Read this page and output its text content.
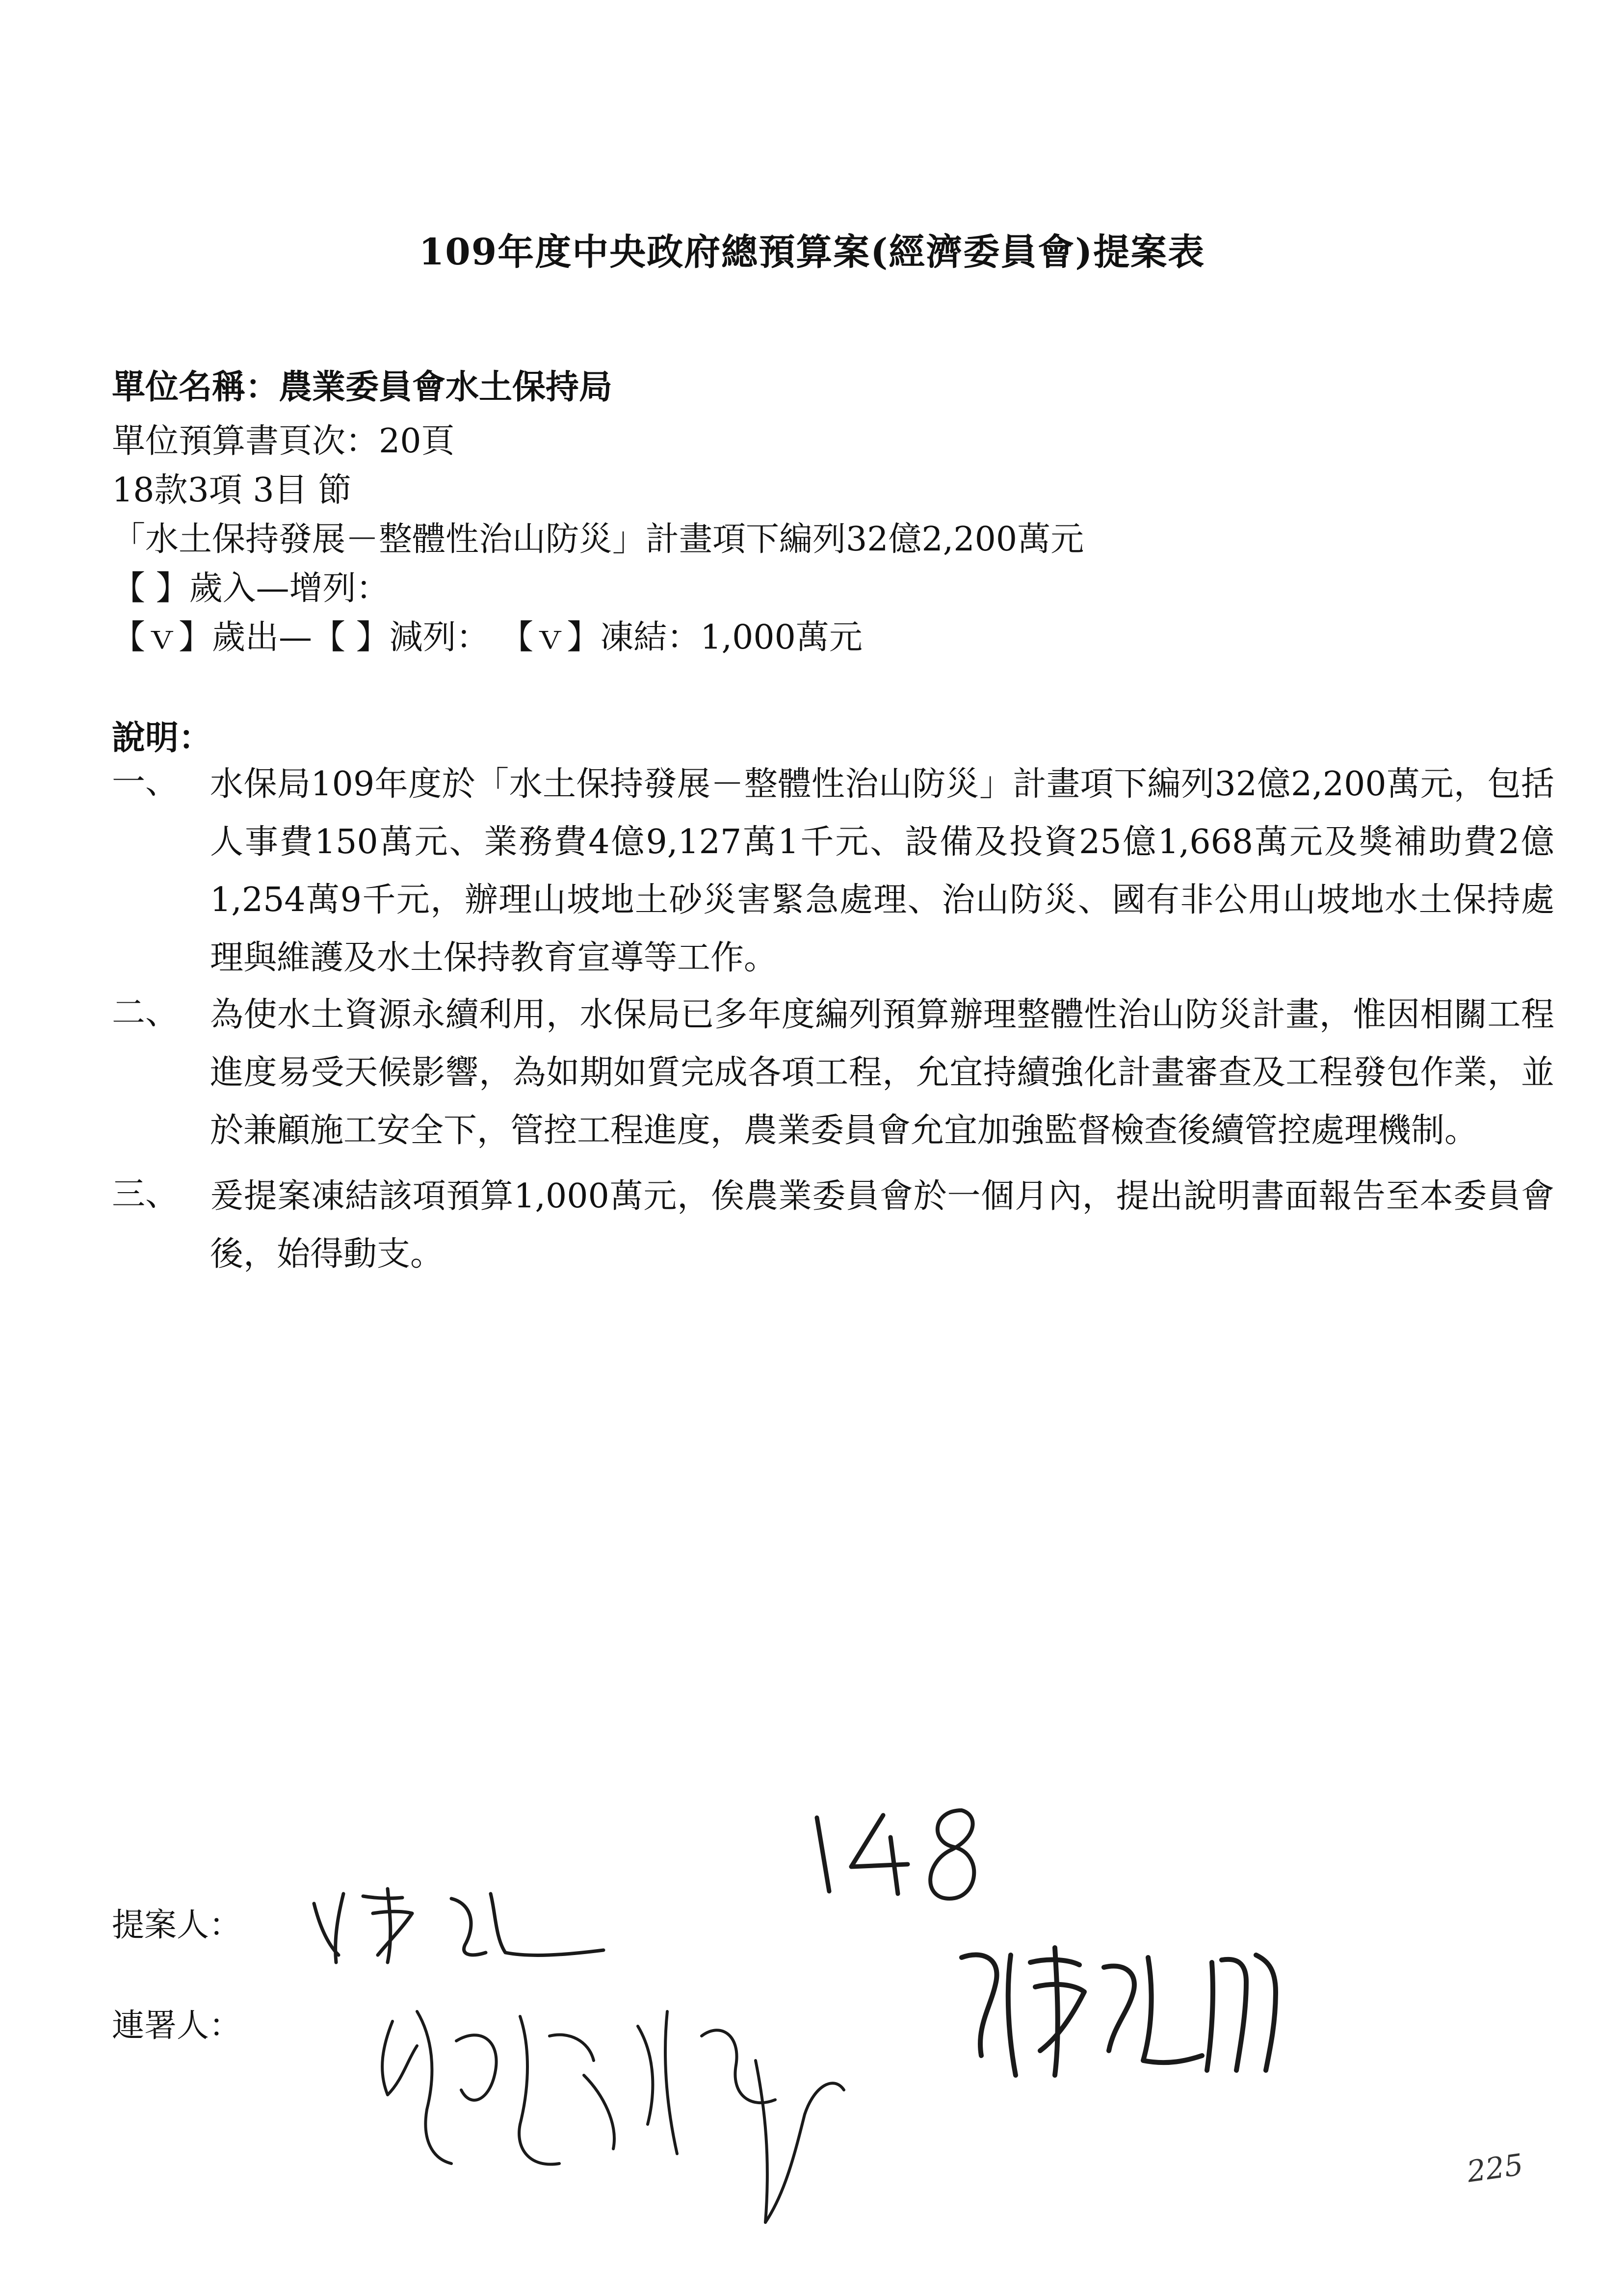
109年度中央政府總預算案(經濟委員會)提案表
單位名稱：農業委員會水土保持局
單位預算書頁次：20頁
18款3項 3目 節
「水土保持發展－整體性治山防災」計畫項下編列32億2,200萬元
【 】歲入—增列：
【ｖ】歲出—【 】減列： 【ｖ】凍結：1,000萬元
說明：
一、 水保局109年度於「水土保持發展－整體性治山防災」計畫項下編列32億2,200萬元，包括人事費150萬元、業務費4億9,127萬1千元、設備及投資25億1,668萬元及獎補助費2億1,254萬9千元，辦理山坡地土砂災害緊急處理、治山防災、國有非公用山坡地水土保持處理與維護及水土保持教育宣導等工作。
二、 為使水土資源永續利用，水保局已多年度編列預算辦理整體性治山防災計畫，惟因相關工程進度易受天候影響，為如期如質完成各項工程，允宜持續強化計畫審查及工程發包作業，並於兼顧施工安全下，管控工程進度，農業委員會允宜加強監督檢查後續管控處理機制。
三、 爰提案凍結該項預算1,000萬元，俟農業委員會於一個月內，提出說明書面報告至本委員會後，始得動支。
提案人：
連署人：
225
